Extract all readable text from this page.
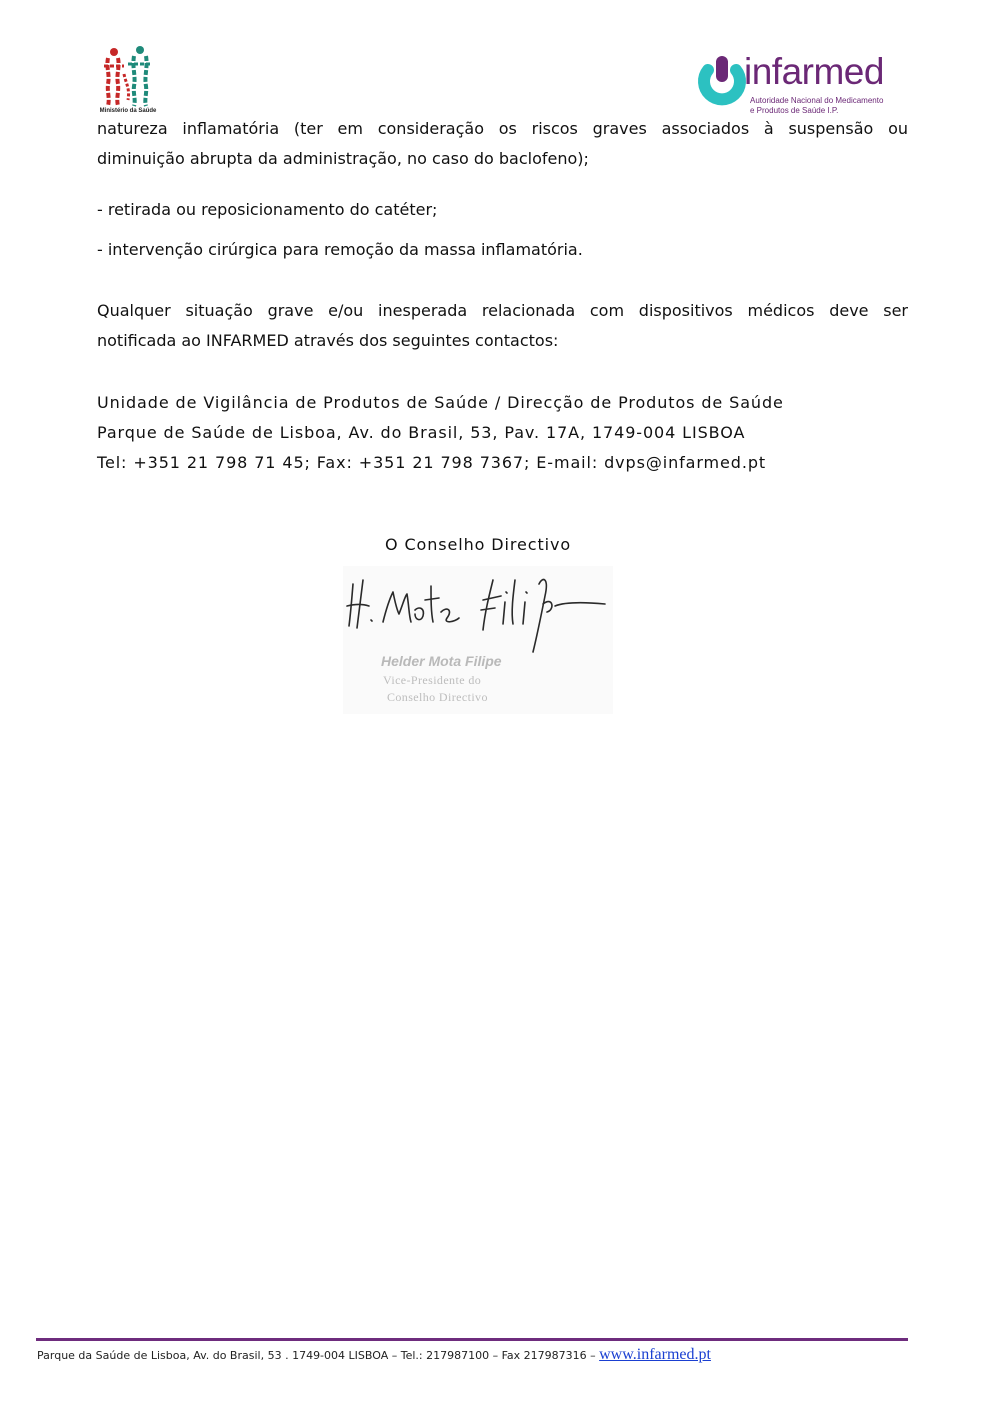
Ministério da Saúde
infarmed
Autoridade Nacional do Medicamento
e Produtos de Saúde I.P.
natureza inflamatória (ter em consideração os riscos graves associados à suspensão ou
diminuição abrupta da administração, no caso do baclofeno);
- retirada ou reposicionamento do catéter;
- intervenção cirúrgica para remoção da massa inflamatória.
Qualquer situação grave e/ou inesperada relacionada com dispositivos médicos deve ser
notificada ao INFARMED através dos seguintes contactos:
Unidade de Vigilância de Produtos de Saúde / Direcção de Produtos de Saúde
Parque de Saúde de Lisboa, Av. do Brasil, 53, Pav. 17A, 1749-004 LISBOA
Tel: +351 21 798 71 45; Fax: +351 21 798 7367; E-mail: dvps@infarmed.pt
O Conselho Directivo
Helder Mota Filipe
Vice-Presidente do
Conselho Directivo
Parque da Saúde de Lisboa, Av. do Brasil, 53 . 1749-004 LISBOA – Tel.: 217987100 – Fax 217987316 – www.infarmed.pt
